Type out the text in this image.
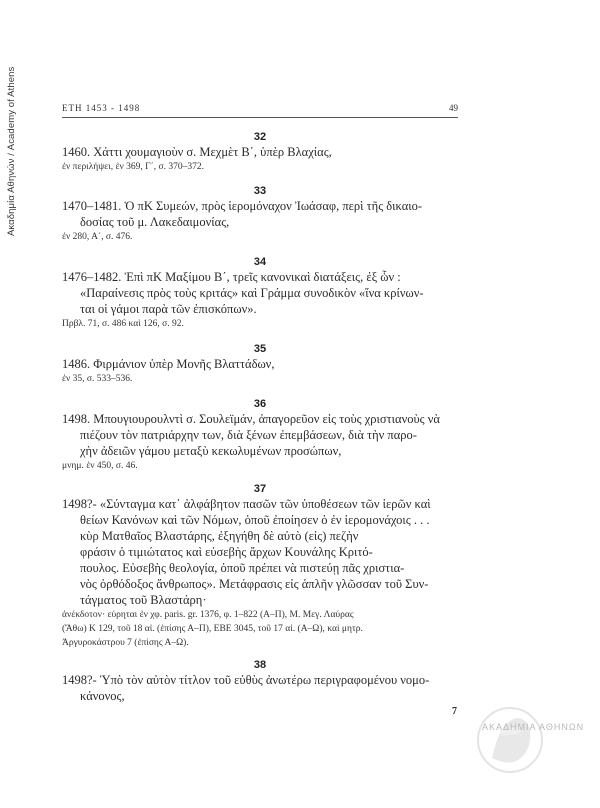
Ακαδημία Αθηνών / Academy of Athens	ΕΤΗ 1453 - 1498	49
32
1460. Χάττι χουμαγιοὺν σ. Μεχμὲτ Β΄, ὑπὲρ Βλαχίας,
ἐν περιλήψει, ἐν 369, Γ΄, σ. 370–372.
33
1470–1481. Ὁ πΚ Συμεών, πρὸς ἱερομόναχον Ἰωάσαφ, περὶ τῆς δικαιο-
δοσίας τοῦ μ. Λακεδαιμονίας,
ἐν 280, Α΄, σ. 476.
34
1476–1482. Ἐπὶ πΚ Μαξίμου Β΄, τρεῖς κανονικαὶ διατάξεις, ἐξ ὧν :
«Παραίνεσις πρὸς τοὺς κριτάς» καὶ Γράμμα συνοδικὸν «ἵνα κρίνων-
ται οἱ γάμοι παρὰ τῶν ἐπισκόπων».
Πρβλ. 71, σ. 486 καὶ 126, σ. 92.
35
1486. Φιρμάνιον ὑπὲρ Μονῆς Βλαττάδων,
ἐν 35, σ. 533–536.
36
1498. Μπουγιουρουλντὶ σ. Σουλεϊμάν, ἀπαγορεῦον εἰς τοὺς χριστιανοὺς νὰ
πιέζουν τὸν πατριάρχην των, διὰ ξένων ἐπεμβάσεων, διὰ τὴν παρο-
χὴν ἀδειῶν γάμου μεταξὺ κεκωλυμένων προσώπων,
μνημ. ἐν 450, σ. 46.
37
1498?- «Σύνταγμα κατ᾿ ἀλφάβητον πασῶν τῶν ὑποθέσεων τῶν ἱερῶν καὶ
θείων Κανόνων καὶ τῶν Νόμων, ὁποῦ ἐποίησεν ὁ ἐν ἱερομονάχοις . . .
κὺρ Ματθαῖος Βλαστάρης, ἐξηγήθη δὲ αὐτὸ (εἰς) πεζὴν
φράσιν ὁ τιμιώτατος καὶ εὐσεβὴς ἄρχων Κουνάλης Κριτό-
πουλος. Εὐσεβὴς θεολογία, ὁποῦ πρέπει νὰ πιστεύῃ πᾶς χριστια-
νὸς ὀρθόδοξος ἄνθρωπος». Μετάφρασις εἰς ἁπλῆν γλῶσσαν τοῦ Συν-
τάγματος τοῦ Βλαστάρη·
ἀνέκδοτον· εὑρηται ἐν χφ. paris. gr. 1376, φ. 1–822 (Α–Π), Μ. Μεγ. Λαύρας
(Ἄθω) Κ 129, τοῦ 18 αἰ. (ἐπίσης Α–Π), ΕΒΕ 3045, τοῦ 17 αἰ. (Α–Ω), καὶ μητρ.
Ἀργυροκάστρου 7 (ἐπίσης Α–Ω).
38
1498?- Ὑπὸ τὸν αὐτὸν τίτλον τοῦ εὐθὺς ἀνωτέρω περιγραφομένου νομο-
κάνονος,
7
ΑΚΑΔΗΜΙΑ ΑΘΗΝΩΝ
